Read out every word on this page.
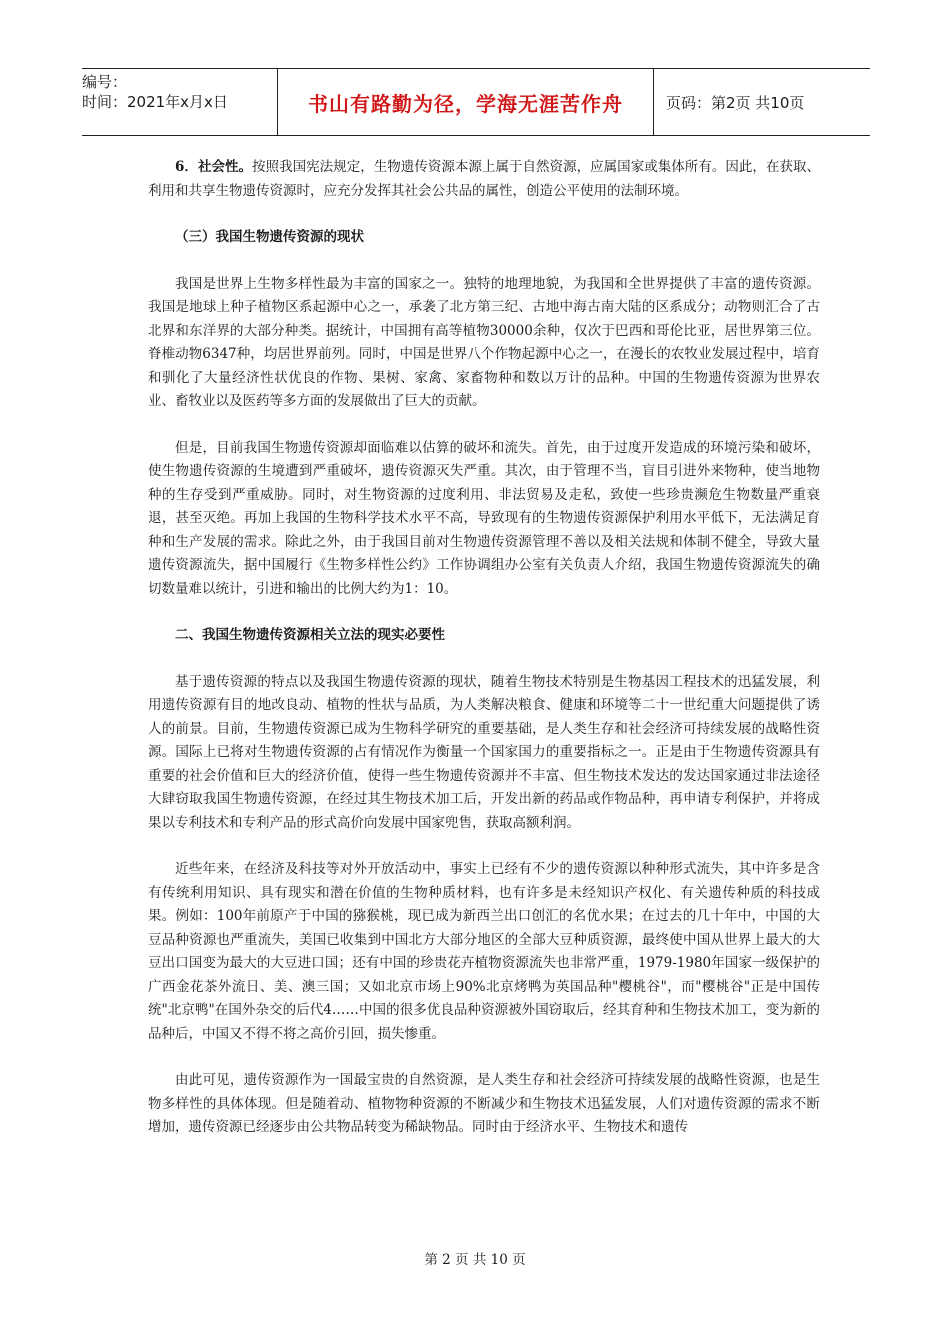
编号：
时间：2021年x月x日	书山有路勤为径，学海无涯苦作舟	页码：第2页 共10页

6．社会性。按照我国宪法规定，生物遗传资源本源上属于自然资源，应属国家或集体所有。因此，在获取、利用和共享生物遗传资源时，应充分发挥其社会公共品的属性，创造公平使用的法制环境。

（三）我国生物遗传资源的现状

我国是世界上生物多样性最为丰富的国家之一。独特的地理地貌，为我国和全世界提供了丰富的遗传资源。我国是地球上种子植物区系起源中心之一，承袭了北方第三纪、古地中海古南大陆的区系成分；动物则汇合了古北界和东洋界的大部分种类。据统计，中国拥有高等植物30000余种，仅次于巴西和哥伦比亚，居世界第三位。脊椎动物6347种，均居世界前列。同时，中国是世界八个作物起源中心之一，在漫长的农牧业发展过程中，培育和驯化了大量经济性状优良的作物、果树、家禽、家畜物种和数以万计的品种。中国的生物遗传资源为世界农业、畜牧业以及医药等多方面的发展做出了巨大的贡献。

但是，目前我国生物遗传资源却面临难以估算的破坏和流失。首先，由于过度开发造成的环境污染和破坏，使生物遗传资源的生境遭到严重破坏，遗传资源灭失严重。其次，由于管理不当，盲目引进外来物种，使当地物种的生存受到严重威胁。同时，对生物资源的过度利用、非法贸易及走私，致使一些珍贵濒危生物数量严重衰退，甚至灭绝。再加上我国的生物科学技术水平不高，导致现有的生物遗传资源保护利用水平低下，无法满足育种和生产发展的需求。除此之外，由于我国目前对生物遗传资源管理不善以及相关法规和体制不健全，导致大量遗传资源流失，据中国履行《生物多样性公约》工作协调组办公室有关负责人介绍，我国生物遗传资源流失的确切数量难以统计，引进和输出的比例大约为1：10。

二、我国生物遗传资源相关立法的现实必要性

基于遗传资源的特点以及我国生物遗传资源的现状，随着生物技术特别是生物基因工程技术的迅猛发展，利用遗传资源有目的地改良动、植物的性状与品质，为人类解决粮食、健康和环境等二十一世纪重大问题提供了诱人的前景。目前，生物遗传资源已成为生物科学研究的重要基础，是人类生存和社会经济可持续发展的战略性资源。国际上已将对生物遗传资源的占有情况作为衡量一个国家国力的重要指标之一。正是由于生物遗传资源具有重要的社会价值和巨大的经济价值，使得一些生物遗传资源并不丰富、但生物技术发达的发达国家通过非法途径大肆窃取我国生物遗传资源，在经过其生物技术加工后，开发出新的药品或作物品种，再申请专利保护，并将成果以专利技术和专利产品的形式高价向发展中国家兜售，获取高额利润。

近些年来，在经济及科技等对外开放活动中，事实上已经有不少的遗传资源以种种形式流失，其中许多是含有传统利用知识、具有现实和潜在价值的生物种质材料，也有许多是未经知识产权化、有关遗传种质的科技成果。例如：100年前原产于中国的猕猴桃，现已成为新西兰出口创汇的名优水果；在过去的几十年中，中国的大豆品种资源也严重流失，美国已收集到中国北方大部分地区的全部大豆种质资源，最终使中国从世界上最大的大豆出口国变为最大的大豆进口国；还有中国的珍贵花卉植物资源流失也非常严重，1979-1980年国家一级保护的广西金花茶外流日、美、澳三国；又如北京市场上90%北京烤鸭为英国品种"樱桃谷"，而"樱桃谷"正是中国传统"北京鸭"在国外杂交的后代4……中国的很多优良品种资源被外国窃取后，经其育种和生物技术加工，变为新的品种后，中国又不得不将之高价引回，损失惨重。

由此可见，遗传资源作为一国最宝贵的自然资源，是人类生存和社会经济可持续发展的战略性资源，也是生物多样性的具体体现。但是随着动、植物物种资源的不断减少和生物技术迅猛发展，人们对遗传资源的需求不断增加，遗传资源已经逐步由公共物品转变为稀缺物品。同时由于经济水平、生物技术和遗传

第 2 页 共 10 页
